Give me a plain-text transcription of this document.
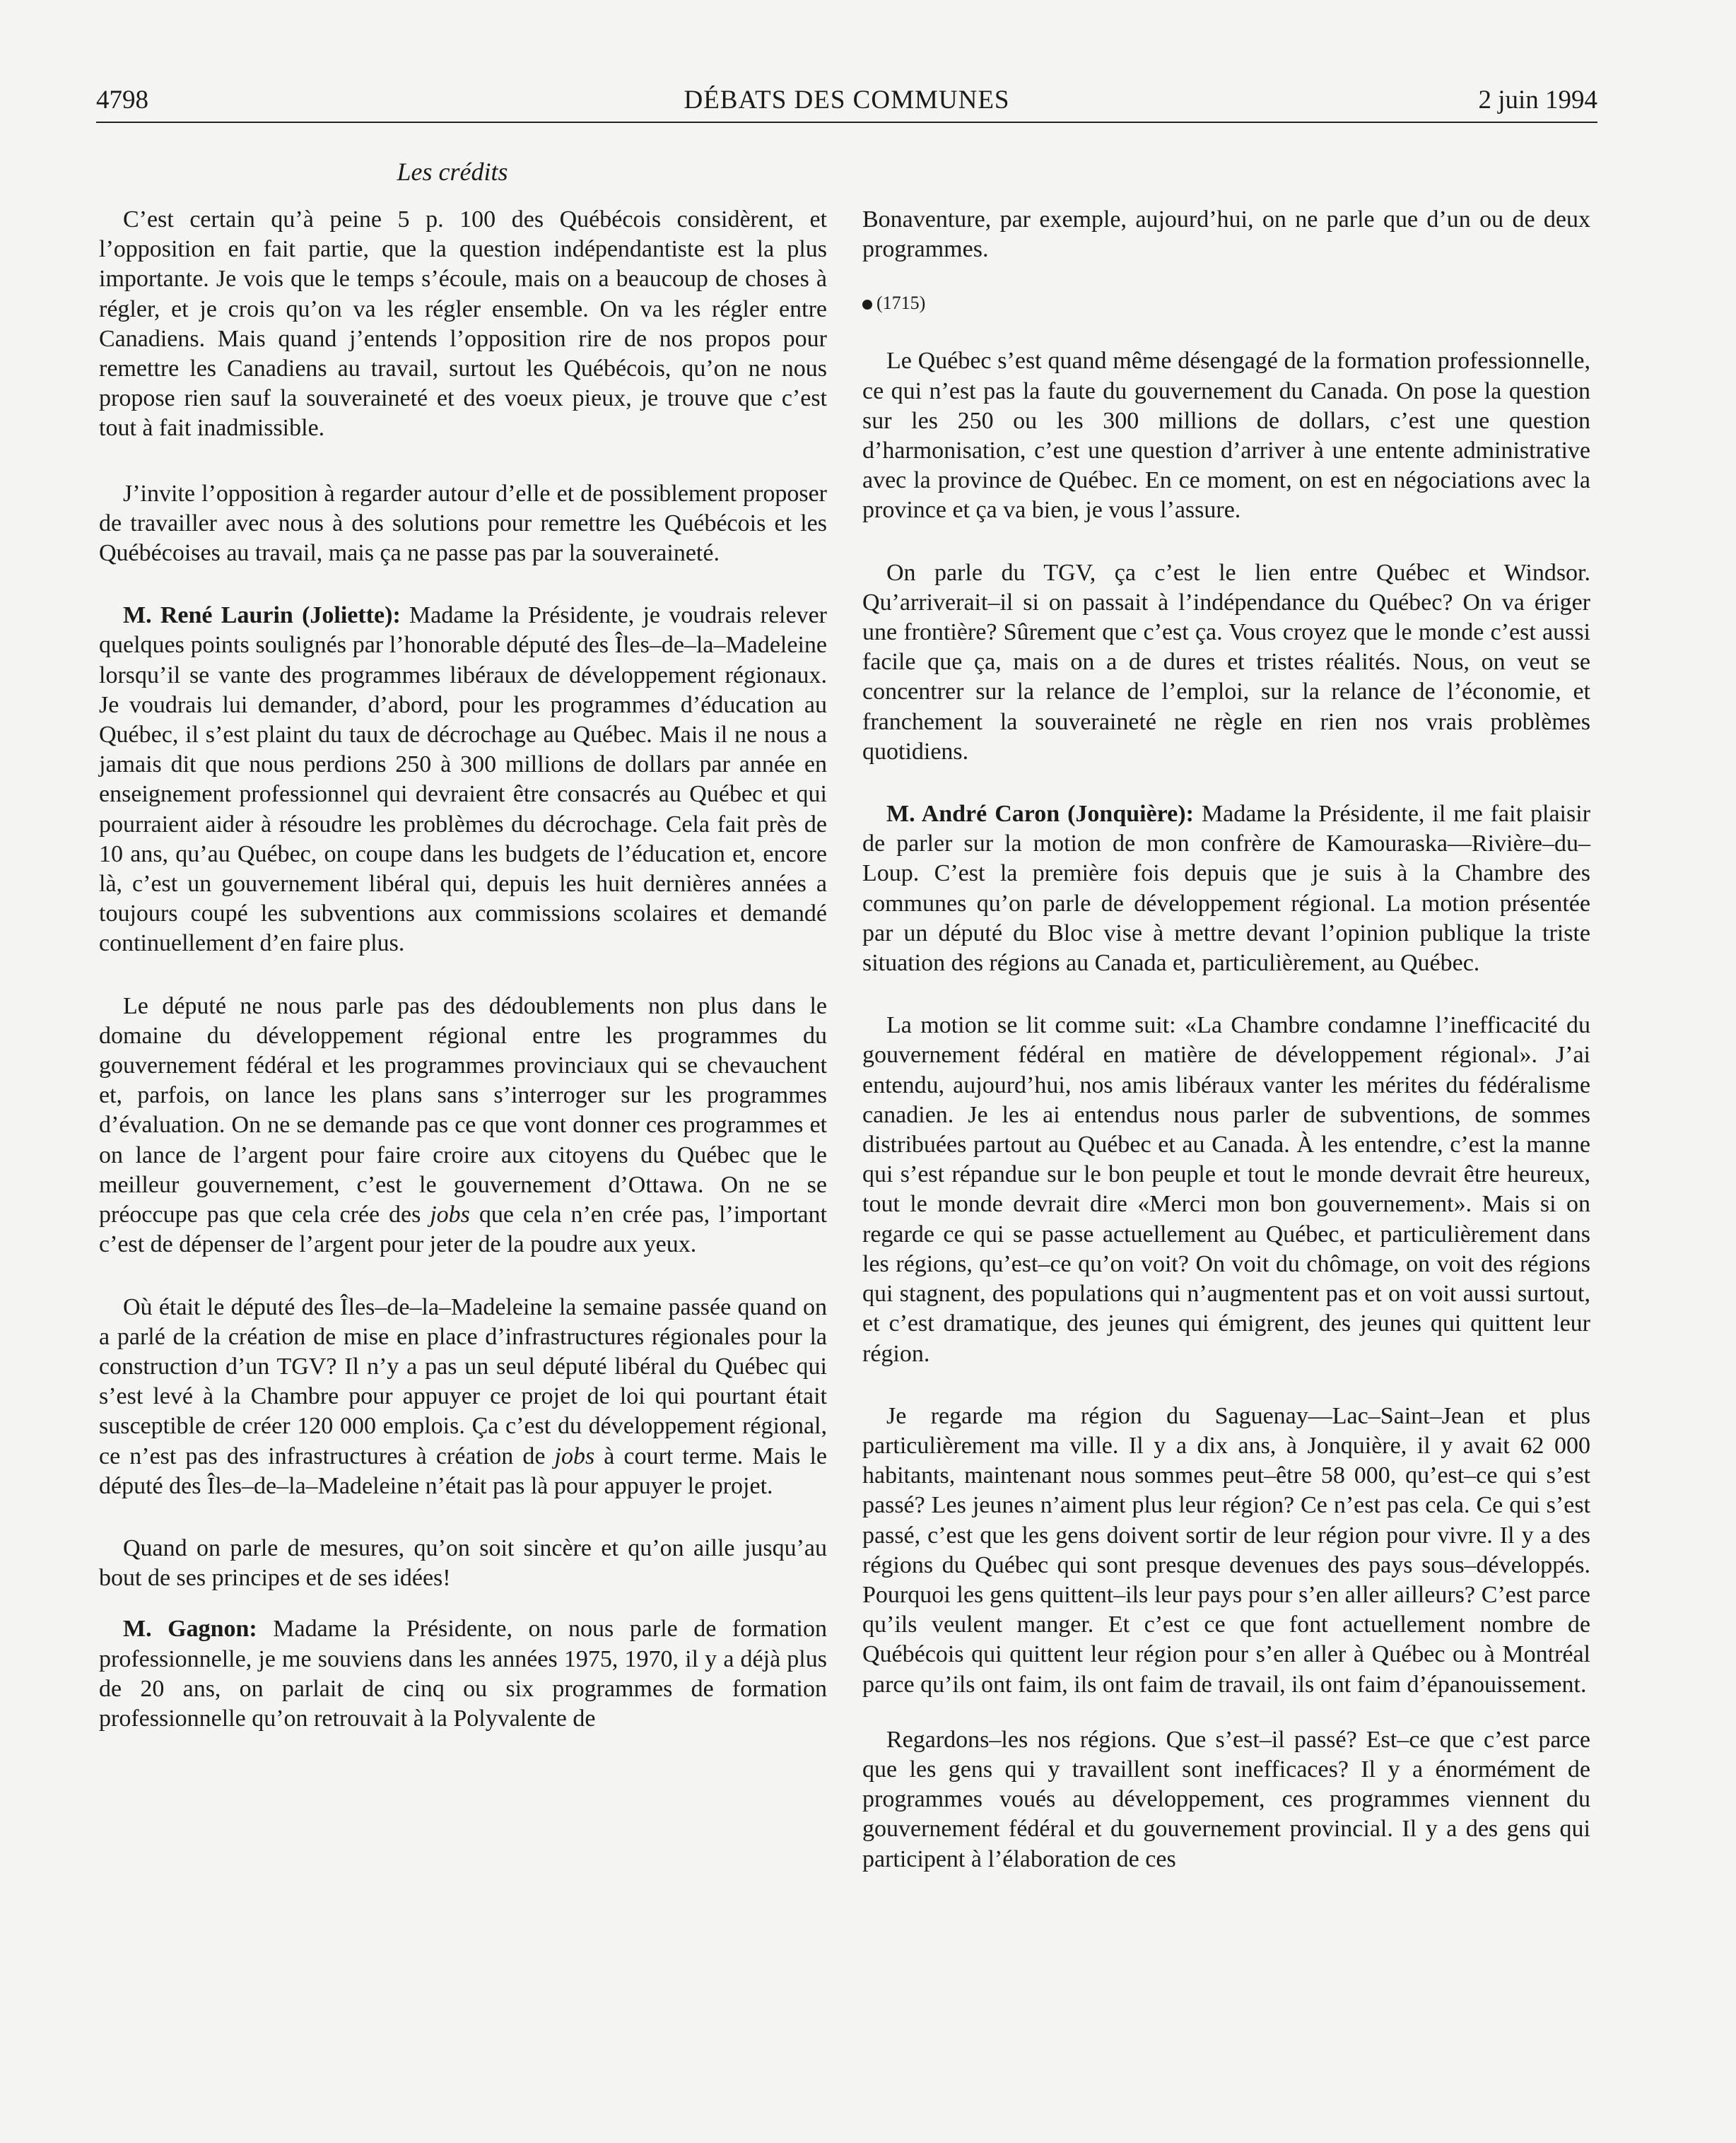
4798	DÉBATS DES COMMUNES	2 juin 1994
Les crédits

C’est certain qu’à peine 5 p. 100 des Québécois considèrent, et l’opposition en fait partie, que la question indépendantiste est la plus importante. Je vois que le temps s’écoule, mais on a beaucoup de choses à régler, et je crois qu’on va les régler ensemble. On va les régler entre Canadiens. Mais quand j’entends l’opposition rire de nos propos pour remettre les Canadiens au travail, surtout les Québécois, qu’on ne nous propose rien sauf la souveraineté et des voeux pieux, je trouve que c’est tout à fait inadmissible.

J’invite l’opposition à regarder autour d’elle et de possiblement proposer de travailler avec nous à des solutions pour remettre les Québécois et les Québécoises au travail, mais ça ne passe pas par la souveraineté.

M. René Laurin (Joliette): Madame la Présidente, je voudrais relever quelques points soulignés par l’honorable député des Îles–de–la–Madeleine lorsqu’il se vante des programmes libéraux de développement régionaux. Je voudrais lui demander, d’abord, pour les programmes d’éducation au Québec, il s’est plaint du taux de décrochage au Québec. Mais il ne nous a jamais dit que nous perdions 250 à 300 millions de dollars par année en enseignement professionnel qui devraient être consacrés au Québec et qui pourraient aider à résoudre les problèmes du décrochage. Cela fait près de 10 ans, qu’au Québec, on coupe dans les budgets de l’éducation et, encore là, c’est un gouvernement libéral qui, depuis les huit dernières années a toujours coupé les subventions aux commissions scolaires et demandé continuellement d’en faire plus.

Le député ne nous parle pas des dédoublements non plus dans le domaine du développement régional entre les programmes du gouvernement fédéral et les programmes provinciaux qui se chevauchent et, parfois, on lance les plans sans s’interroger sur les programmes d’évaluation. On ne se demande pas ce que vont donner ces programmes et on lance de l’argent pour faire croire aux citoyens du Québec que le meilleur gouvernement, c’est le gouvernement d’Ottawa. On ne se préoccupe pas que cela crée des jobs que cela n’en crée pas, l’important c’est de dépenser de l’argent pour jeter de la poudre aux yeux.

Où était le député des Îles–de–la–Madeleine la semaine passée quand on a parlé de la création de mise en place d’infrastructures régionales pour la construction d’un TGV? Il n’y a pas un seul député libéral du Québec qui s’est levé à la Chambre pour appuyer ce projet de loi qui pourtant était susceptible de créer 120 000 emplois. Ça c’est du développement régional, ce n’est pas des infrastructures à création de jobs à court terme. Mais le député des Îles–de–la–Madeleine n’était pas là pour appuyer le projet.

Quand on parle de mesures, qu’on soit sincère et qu’on aille jusqu’au bout de ses principes et de ses idées!

M. Gagnon: Madame la Présidente, on nous parle de formation professionnelle, je me souviens dans les années 1975, 1970, il y a déjà plus de 20 ans, on parlait de cinq ou six programmes de formation professionnelle qu’on retrouvait à la Polyvalente de

Bonaventure, par exemple, aujourd’hui, on ne parle que d’un ou de deux programmes.

(1715)

Le Québec s’est quand même désengagé de la formation professionnelle, ce qui n’est pas la faute du gouvernement du Canada. On pose la question sur les 250 ou les 300 millions de dollars, c’est une question d’harmonisation, c’est une question d’arriver à une entente administrative avec la province de Québec. En ce moment, on est en négociations avec la province et ça va bien, je vous l’assure.

On parle du TGV, ça c’est le lien entre Québec et Windsor. Qu’arriverait–il si on passait à l’indépendance du Québec? On va ériger une frontière? Sûrement que c’est ça. Vous croyez que le monde c’est aussi facile que ça, mais on a de dures et tristes réalités. Nous, on veut se concentrer sur la relance de l’emploi, sur la relance de l’économie, et franchement la souveraineté ne règle en rien nos vrais problèmes quotidiens.

M. André Caron (Jonquière): Madame la Présidente, il me fait plaisir de parler sur la motion de mon confrère de Kamouraska—Rivière–du–Loup. C’est la première fois depuis que je suis à la Chambre des communes qu’on parle de développement régional. La motion présentée par un député du Bloc vise à mettre devant l’opinion publique la triste situation des régions au Canada et, particulièrement, au Québec.

La motion se lit comme suit: «La Chambre condamne l’inefficacité du gouvernement fédéral en matière de développement régional». J’ai entendu, aujourd’hui, nos amis libéraux vanter les mérites du fédéralisme canadien. Je les ai entendus nous parler de subventions, de sommes distribuées partout au Québec et au Canada. À les entendre, c’est la manne qui s’est répandue sur le bon peuple et tout le monde devrait être heureux, tout le monde devrait dire «Merci mon bon gouvernement». Mais si on regarde ce qui se passe actuellement au Québec, et particulièrement dans les régions, qu’est–ce qu’on voit? On voit du chômage, on voit des régions qui stagnent, des populations qui n’augmentent pas et on voit aussi surtout, et c’est dramatique, des jeunes qui émigrent, des jeunes qui quittent leur région.

Je regarde ma région du Saguenay—Lac–Saint–Jean et plus particulièrement ma ville. Il y a dix ans, à Jonquière, il y avait 62 000 habitants, maintenant nous sommes peut–être 58 000, qu’est–ce qui s’est passé? Les jeunes n’aiment plus leur région? Ce n’est pas cela. Ce qui s’est passé, c’est que les gens doivent sortir de leur région pour vivre. Il y a des régions du Québec qui sont presque devenues des pays sous–développés. Pourquoi les gens quittent–ils leur pays pour s’en aller ailleurs? C’est parce qu’ils veulent manger. Et c’est ce que font actuellement nombre de Québécois qui quittent leur région pour s’en aller à Québec ou à Montréal parce qu’ils ont faim, ils ont faim de travail, ils ont faim d’épanouissement.

Regardons–les nos régions. Que s’est–il passé? Est–ce que c’est parce que les gens qui y travaillent sont inefficaces? Il y a énormément de programmes voués au développement, ces programmes viennent du gouvernement fédéral et du gouvernement provincial. Il y a des gens qui participent à l’élaboration de ces
